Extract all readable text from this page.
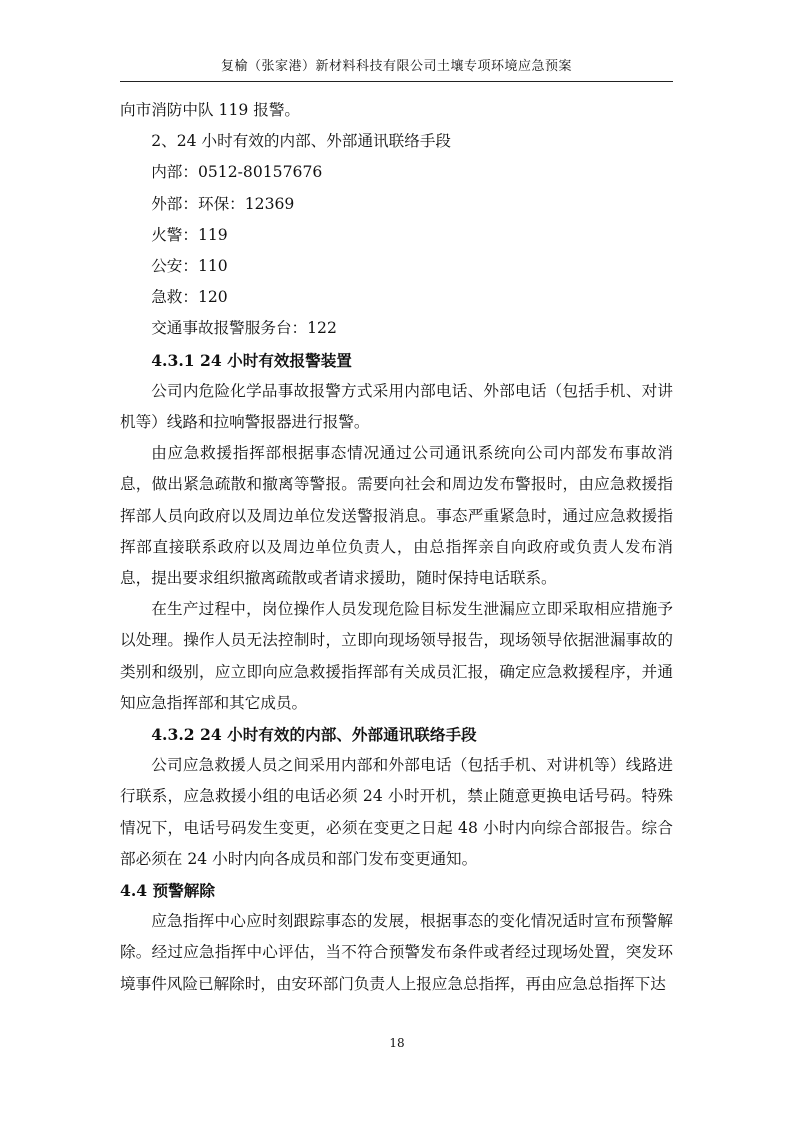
复榆（张家港）新材料科技有限公司土壤专项环境应急预案

向市消防中队 119 报警。

2、24 小时有效的内部、外部通讯联络手段

内部：0512-80157676

外部：环保：12369

火警：119

公安：110

急救：120

交通事故报警服务台：122

4.3.1 24 小时有效报警装置

公司内危险化学品事故报警方式采用内部电话、外部电话（包括手机、对讲机等）线路和拉响警报器进行报警。

由应急救援指挥部根据事态情况通过公司通讯系统向公司内部发布事故消息，做出紧急疏散和撤离等警报。需要向社会和周边发布警报时，由应急救援指挥部人员向政府以及周边单位发送警报消息。事态严重紧急时，通过应急救援指挥部直接联系政府以及周边单位负责人，由总指挥亲自向政府或负责人发布消息，提出要求组织撤离疏散或者请求援助，随时保持电话联系。

在生产过程中，岗位操作人员发现危险目标发生泄漏应立即采取相应措施予以处理。操作人员无法控制时，立即向现场领导报告，现场领导依据泄漏事故的类别和级别，应立即向应急救援指挥部有关成员汇报，确定应急救援程序，并通知应急指挥部和其它成员。

4.3.2 24 小时有效的内部、外部通讯联络手段

公司应急救援人员之间采用内部和外部电话（包括手机、对讲机等）线路进行联系，应急救援小组的电话必须 24 小时开机，禁止随意更换电话号码。特殊情况下，电话号码发生变更，必须在变更之日起 48 小时内向综合部报告。综合部必须在 24 小时内向各成员和部门发布变更通知。

4.4 预警解除

应急指挥中心应时刻跟踪事态的发展，根据事态的变化情况适时宣布预警解除。经过应急指挥中心评估，当不符合预警发布条件或者经过现场处置，突发环境事件风险已解除时，由安环部门负责人上报应急总指挥，再由应急总指挥下达

18
